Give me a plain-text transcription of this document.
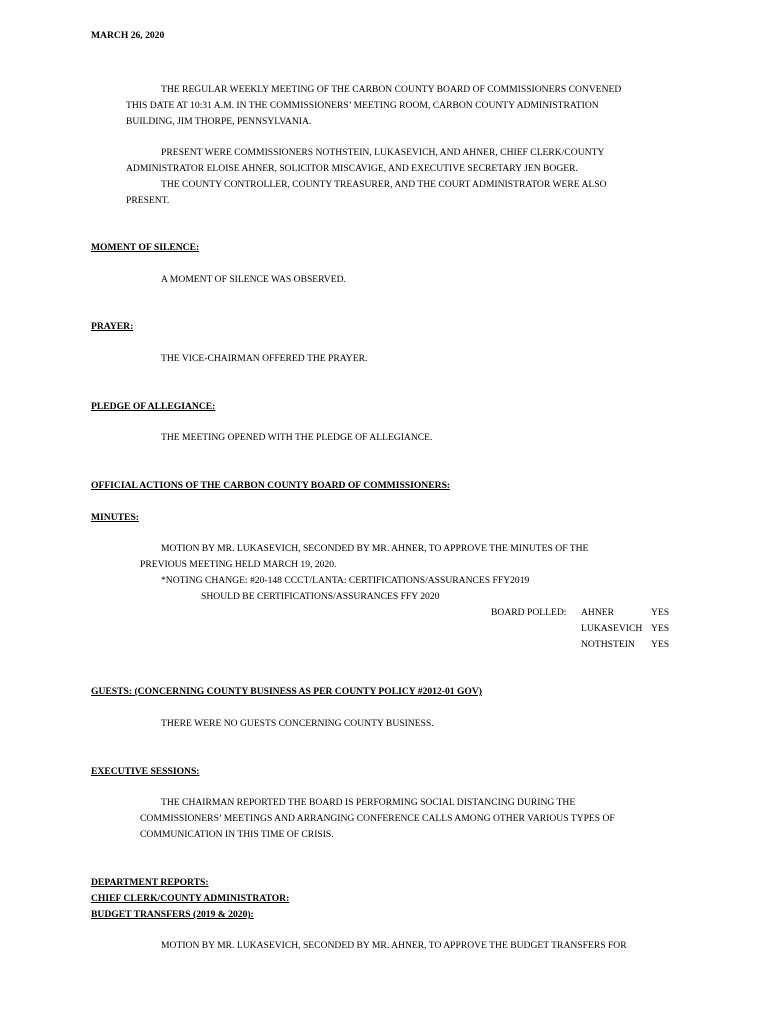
MARCH 26, 2020
THE REGULAR WEEKLY MEETING OF THE CARBON COUNTY BOARD OF COMMISSIONERS CONVENED
THIS DATE AT 10:31 A.M. IN THE COMMISSIONERS’ MEETING ROOM, CARBON COUNTY ADMINISTRATION
BUILDING, JIM THORPE, PENNSYLVANIA.
PRESENT WERE COMMISSIONERS NOTHSTEIN, LUKASEVICH, AND AHNER, CHIEF CLERK/COUNTY
ADMINISTRATOR ELOISE AHNER, SOLICITOR MISCAVIGE, AND EXECUTIVE SECRETARY JEN BOGER.
THE COUNTY CONTROLLER, COUNTY TREASURER, AND THE COURT ADMINISTRATOR WERE ALSO
PRESENT.
MOMENT OF SILENCE:
A MOMENT OF SILENCE WAS OBSERVED.
PRAYER:
THE VICE-CHAIRMAN OFFERED THE PRAYER.
PLEDGE OF ALLEGIANCE:
THE MEETING OPENED WITH THE PLEDGE OF ALLEGIANCE.
OFFICIAL ACTIONS OF THE CARBON COUNTY BOARD OF COMMISSIONERS:
MINUTES:
MOTION BY MR. LUKASEVICH, SECONDED BY MR. AHNER, TO APPROVE THE MINUTES OF THE
PREVIOUS MEETING HELD MARCH 19, 2020.
*NOTING CHANGE: #20-148 CCCT/LANTA: CERTIFICATIONS/ASSURANCES FFY2019
SHOULD BE CERTIFICATIONS/ASSURANCES FFY 2020
BOARD POLLED: AHNER	YES
LUKASEVICH YES
NOTHSTEIN YES
GUESTS: (CONCERNING COUNTY BUSINESS AS PER COUNTY POLICY #2012-01 GOV)
THERE WERE NO GUESTS CONCERNING COUNTY BUSINESS.
EXECUTIVE SESSIONS:
THE CHAIRMAN REPORTED THE BOARD IS PERFORMING SOCIAL DISTANCING DURING THE
COMMISSIONERS’ MEETINGS AND ARRANGING CONFERENCE CALLS AMONG OTHER VARIOUS TYPES OF
COMMUNICATION IN THIS TIME OF CRISIS.
DEPARTMENT REPORTS:
CHIEF CLERK/COUNTY ADMINISTRATOR:
BUDGET TRANSFERS (2019 & 2020):
MOTION BY MR. LUKASEVICH, SECONDED BY MR. AHNER, TO APPROVE THE BUDGET TRANSFERS FOR
